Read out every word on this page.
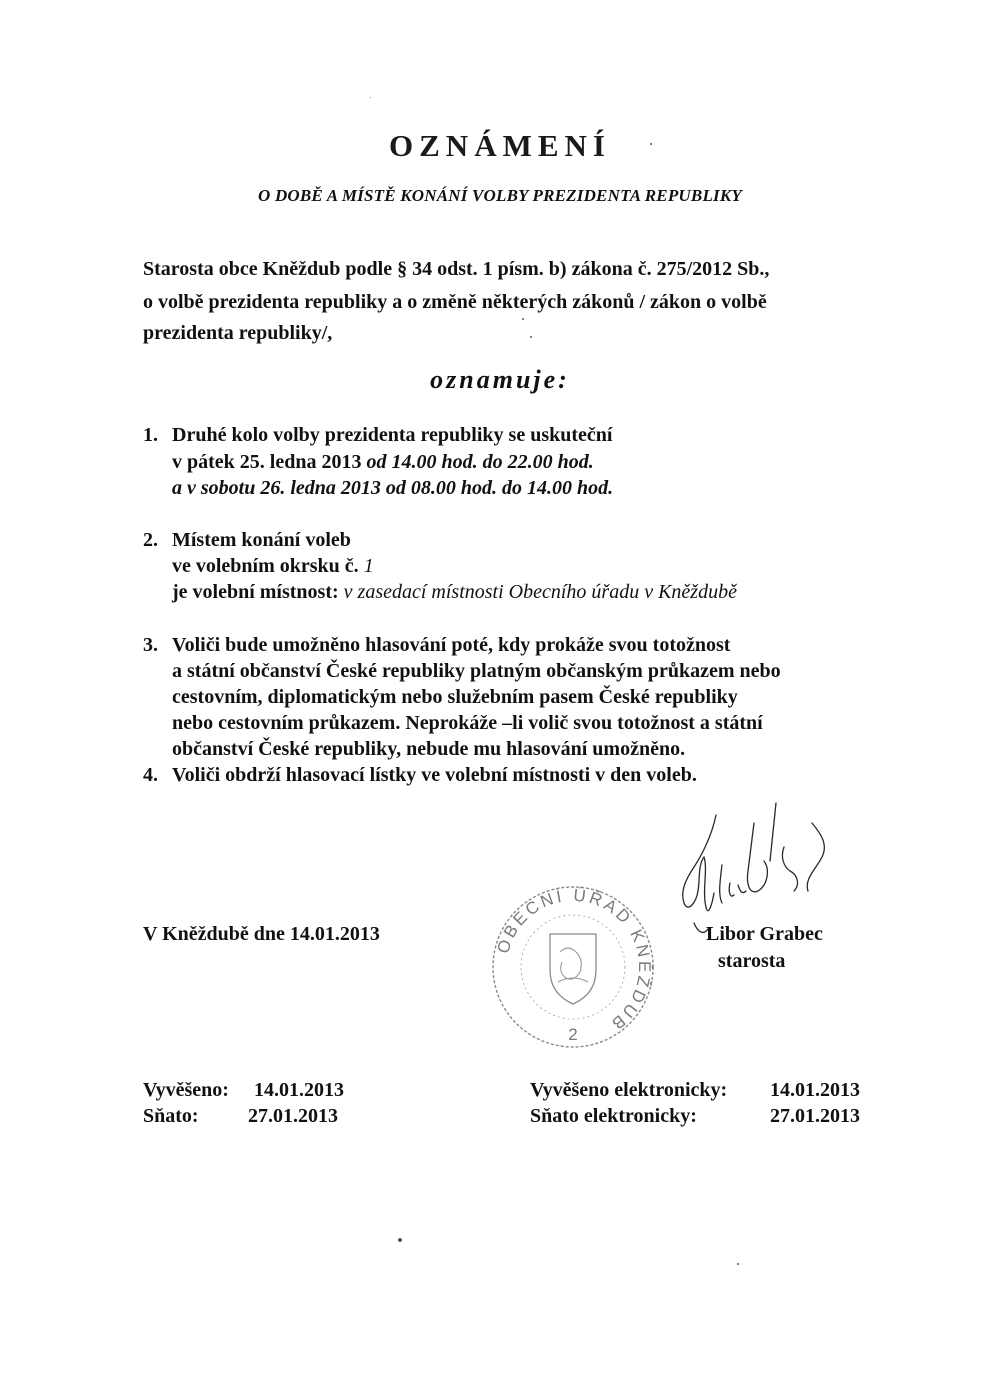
OZNÁMENÍ
O DOBĚ A MÍSTĚ KONÁNÍ VOLBY PREZIDENTA REPUBLIKY
Starosta obce Kněždub podle § 34 odst. 1 písm. b) zákona č. 275/2012 Sb.,
o volbě prezidenta republiky a o změně některých zákonů / zákon o volbě
prezidenta republiky/,
oznamuje:
1. Druhé kolo volby prezidenta republiky se uskuteční
v pátek 25. ledna 2013 od 14.00 hod. do 22.00 hod.
a v sobotu 26. ledna 2013 od 08.00 hod. do 14.00 hod.
2. Místem konání voleb
ve volebním okrsku č. 1
je volební místnost: v zasedací místnosti Obecního úřadu v Kněždubě
3. Voliči bude umožněno hlasování poté, kdy prokáže svou totožnost
a státní občanství České republiky platným občanským průkazem nebo
cestovním, diplomatickým nebo služebním pasem České republiky
nebo cestovním průkazem. Neprokáže –li volič svou totožnost a státní
občanství České republiky, nebude mu hlasování umožněno.
4. Voliči obdrží hlasovací lístky ve volební místnosti v den voleb.
V Kněždubě dne 14.01.2013
OBECNÍ ÚŘAD KNĚŽDUB
2
Libor Grabec
starosta
Vyvěšeno: 14.01.2013
Sňato: 27.01.2013
Vyvěšeno elektronicky: 14.01.2013
Sňato elektronicky:	27.01.2013
